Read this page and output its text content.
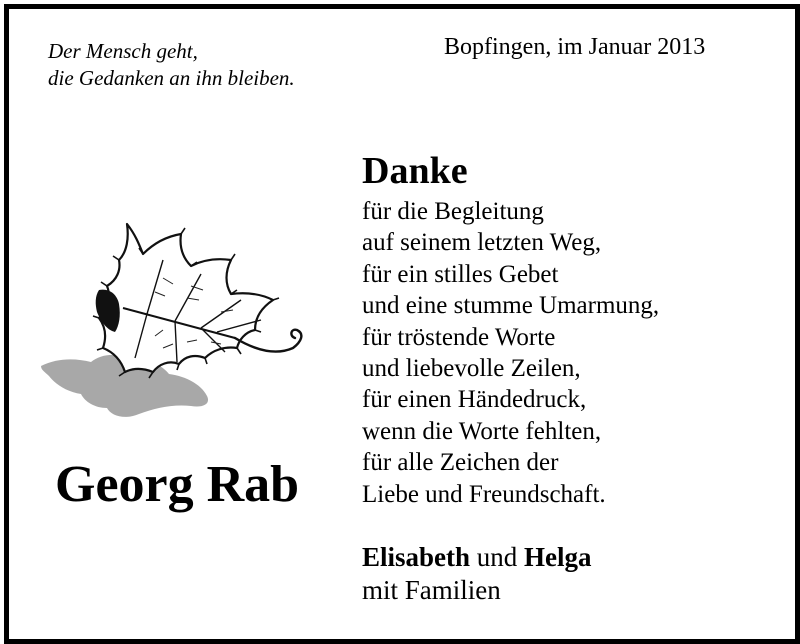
Der Mensch geht,
die Gedanken an ihn bleiben.
Bopfingen, im Januar 2013
Georg Rab
Danke
für die Begleitung
auf seinem letzten Weg,
für ein stilles Gebet
und eine stumme Umarmung,
für tröstende Worte
und liebevolle Zeilen,
für einen Händedruck,
wenn die Worte fehlten,
für alle Zeichen der
Liebe und Freundschaft.
Elisabeth und Helga
mit Familien
